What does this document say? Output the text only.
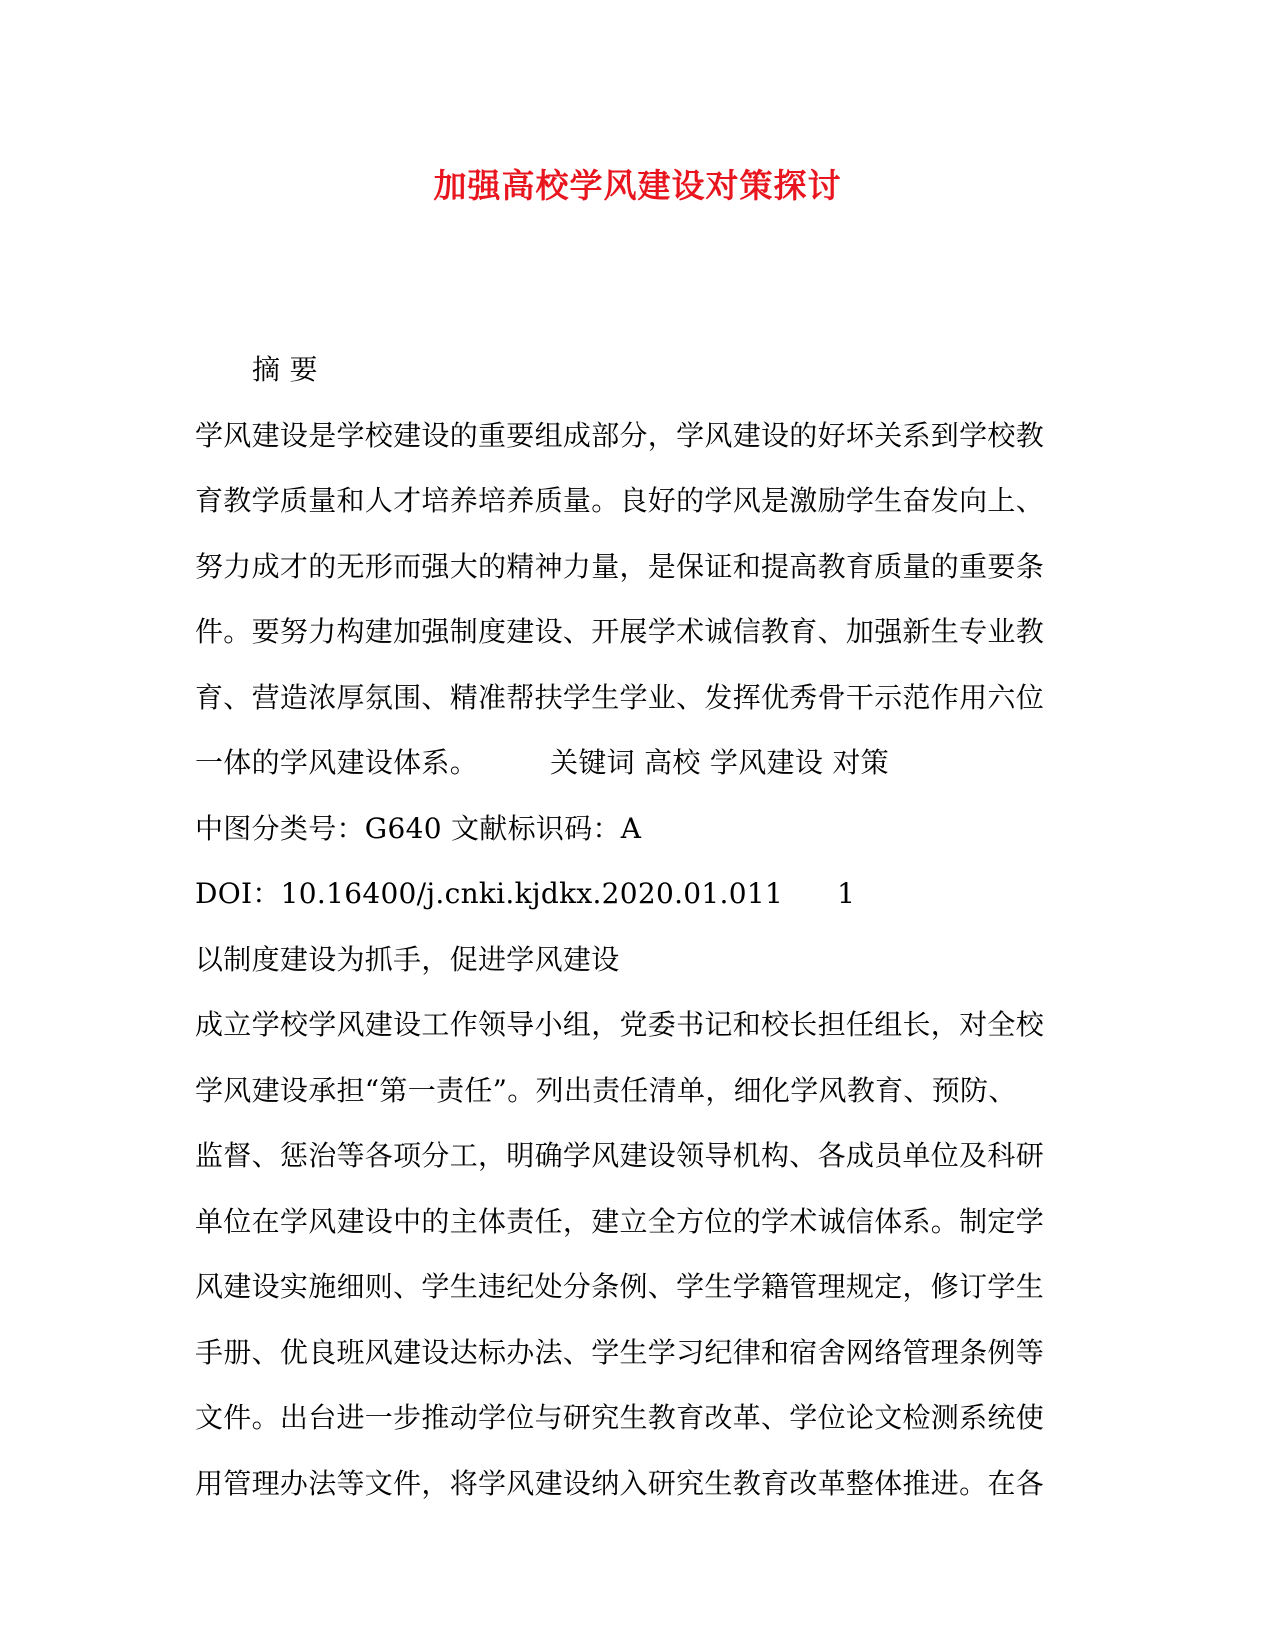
加强高校学风建设对策探讨
摘 要
学风建设是学校建设的重要组成部分，学风建设的好坏关系到学校教
育教学质量和人才培养培养质量。良好的学风是激励学生奋发向上、
努力成才的无形而强大的精神力量，是保证和提高教育质量的重要条
件。要努力构建加强制度建设、开展学术诚信教育、加强新生专业教
育、营造浓厚氛围、精准帮扶学生学业、发挥优秀骨干示范作用六位
一体的学风建设体系。	关键词 高校 学风建设 对策
中图分类号：G640 文献标识码：A
DOI：10.16400/j.cnki.kjdkx.2020.01.011 1
以制度建设为抓手，促进学风建设
成立学校学风建设工作领导小组，党委书记和校长担任组长，对全校
学风建设承担“第一责任”。列出责任清单，细化学风教育、预防、
监督、惩治等各项分工，明确学风建设领导机构、各成员单位及科研
单位在学风建设中的主体责任，建立全方位的学术诚信体系。制定学
风建设实施细则、学生违纪处分条例、学生学籍管理规定，修订学生
手册、优良班风建设达标办法、学生学习纪律和宿舍网络管理条例等
文件。出台进一步推动学位与研究生教育改革、学位论文检测系统使
用管理办法等文件，将学风建设纳入研究生教育改革整体推进。在各
